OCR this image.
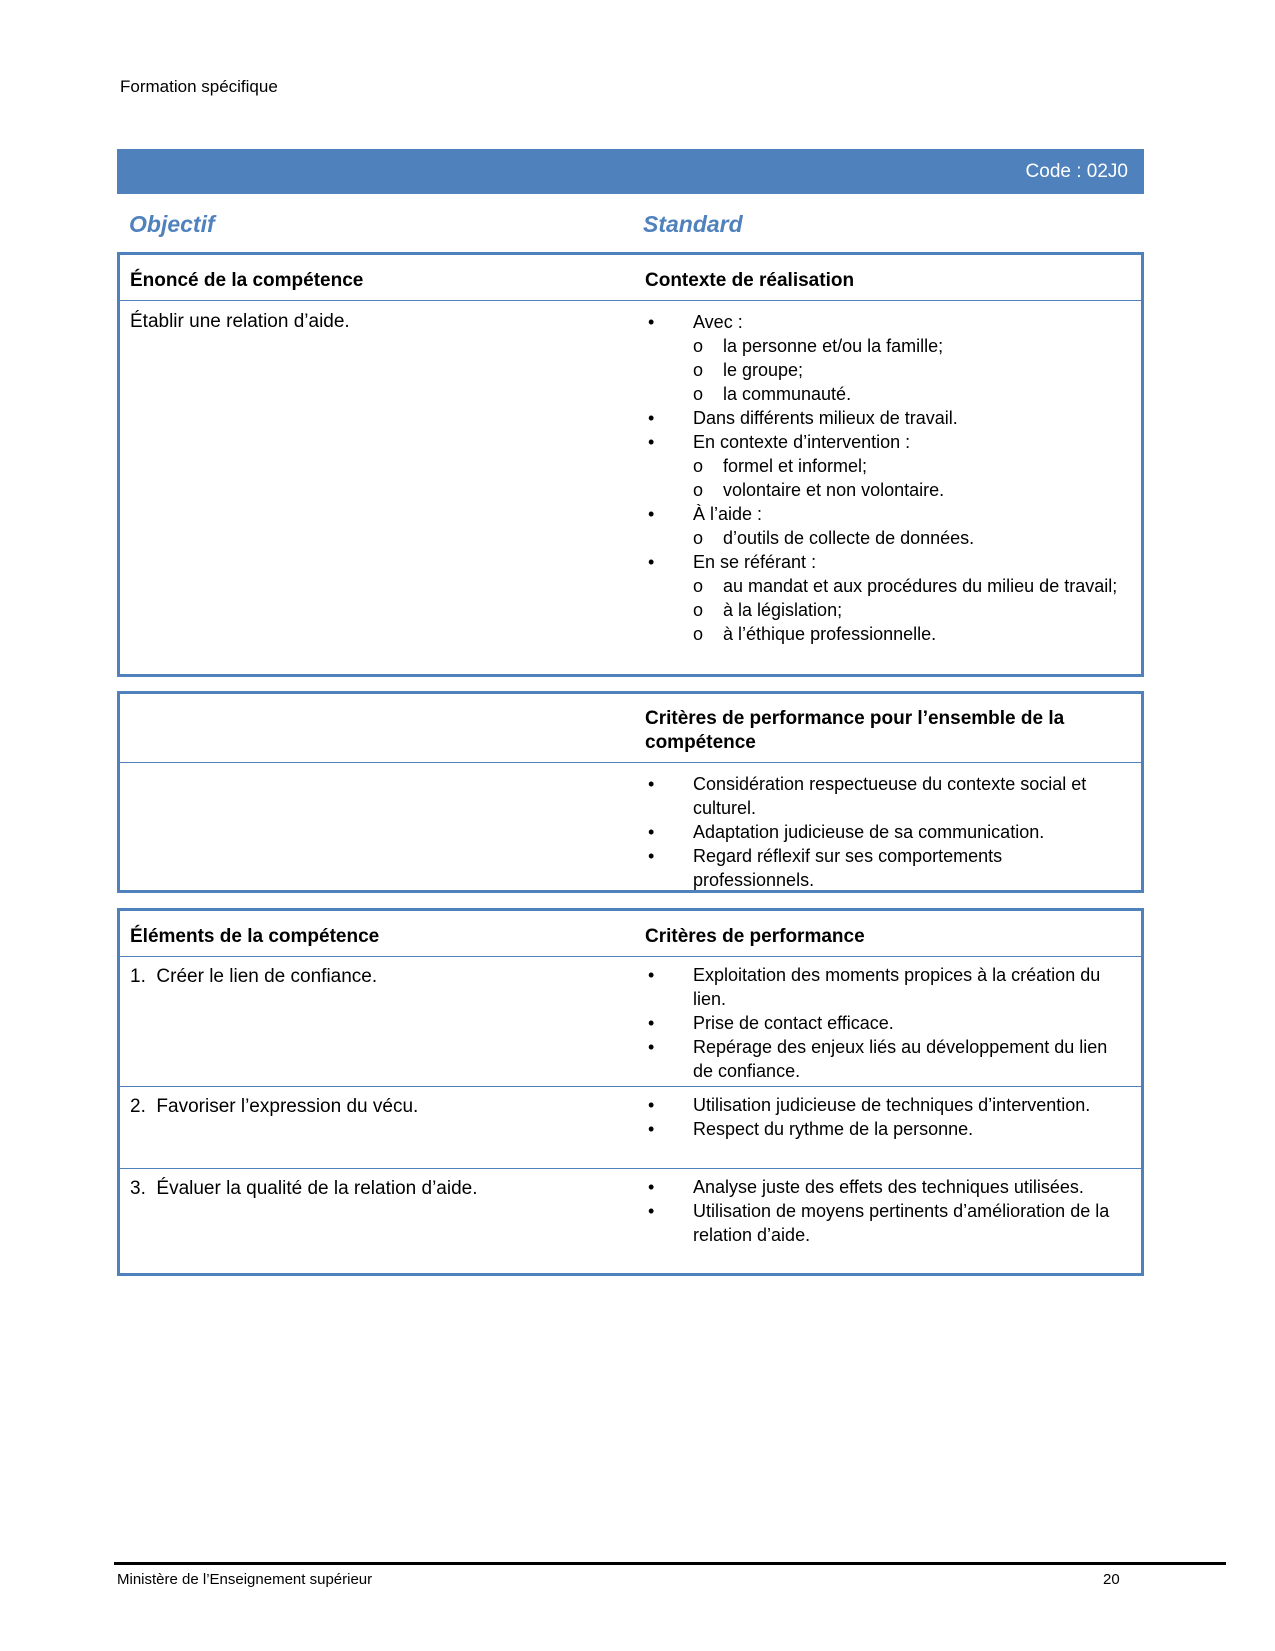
Formation spécifique
Code : 02J0
Objectif	Standard
Énoncé de la compétence	Contexte de réalisation
Établir une relation d’aide.	• Avec :
o la personne et/ou la famille;
o le groupe;
o la communauté.
• Dans différents milieux de travail.
• En contexte d’intervention :
o formel et informel;
o volontaire et non volontaire.
• À l’aide :
o d’outils de collecte de données.
• En se référant :
o au mandat et aux procédures du milieu de travail;
o à la législation;
o à l’éthique professionnelle.
Critères de performance pour l’ensemble de la compétence
• Considération respectueuse du contexte social et culturel.
• Adaptation judicieuse de sa communication.
• Regard réflexif sur ses comportements professionnels.
Éléments de la compétence	Critères de performance
1.  Créer le lien de confiance.	• Exploitation des moments propices à la création du lien.
• Prise de contact efficace.
• Repérage des enjeux liés au développement du lien de confiance.
2.  Favoriser l’expression du vécu.	• Utilisation judicieuse de techniques d’intervention.
• Respect du rythme de la personne.
3.  Évaluer la qualité de la relation d’aide.	• Analyse juste des effets des techniques utilisées.
• Utilisation de moyens pertinents d’amélioration de la relation d’aide.
Ministère de l’Enseignement supérieur	20
